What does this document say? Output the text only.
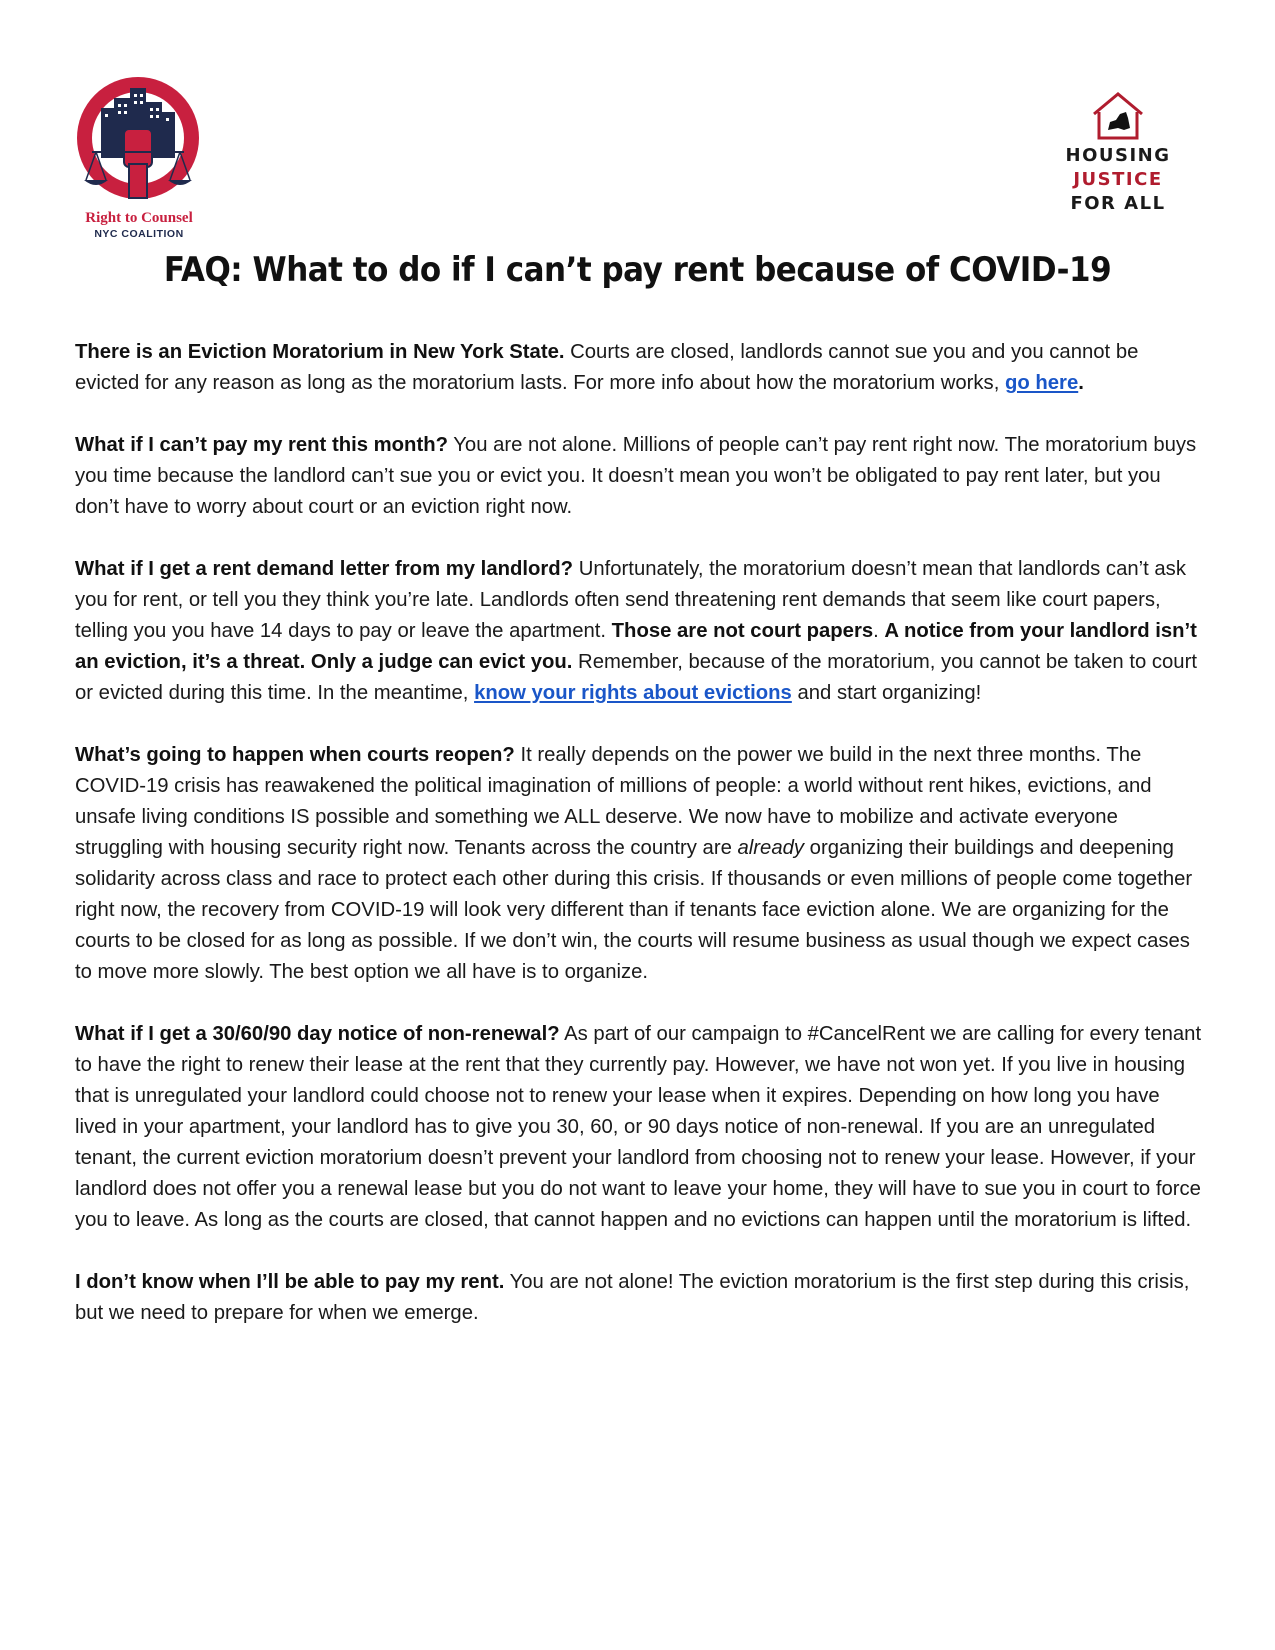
Right to Counsel
NYC COALITION
HOUSING
JUSTICE
FOR ALL
FAQ: What to do if I can’t pay rent because of COVID-19

There is an Eviction Moratorium in New York State. Courts are closed, landlords cannot sue you and you cannot be evicted for any reason as long as the moratorium lasts. For more info about how the moratorium works, go here.

What if I can’t pay my rent this month? You are not alone. Millions of people can’t pay rent right now. The moratorium buys you time because the landlord can’t sue you or evict you. It doesn’t mean you won’t be obligated to pay rent later, but you don’t have to worry about court or an eviction right now.

What if I get a rent demand letter from my landlord? Unfortunately, the moratorium doesn’t mean that landlords can’t ask you for rent, or tell you they think you’re late. Landlords often send threatening rent demands that seem like court papers, telling you you have 14 days to pay or leave the apartment. Those are not court papers. A notice from your landlord isn’t an eviction, it’s a threat. Only a judge can evict you. Remember, because of the moratorium, you cannot be taken to court or evicted during this time. In the meantime, know your rights about evictions and start organizing!

What’s going to happen when courts reopen? It really depends on the power we build in the next three months. The COVID-19 crisis has reawakened the political imagination of millions of people: a world without rent hikes, evictions, and unsafe living conditions IS possible and something we ALL deserve. We now have to mobilize and activate everyone struggling with housing security right now. Tenants across the country are already organizing their buildings and deepening solidarity across class and race to protect each other during this crisis. If thousands or even millions of people come together right now, the recovery from COVID-19 will look very different than if tenants face eviction alone. We are organizing for the courts to be closed for as long as possible. If we don’t win, the courts will resume business as usual though we expect cases to move more slowly. The best option we all have is to organize.

What if I get a 30/60/90 day notice of non-renewal? As part of our campaign to #CancelRent we are calling for every tenant to have the right to renew their lease at the rent that they currently pay. However, we have not won yet. If you live in housing that is unregulated your landlord could choose not to renew your lease when it expires. Depending on how long you have lived in your apartment, your landlord has to give you 30, 60, or 90 days notice of non-renewal. If you are an unregulated tenant, the current eviction moratorium doesn’t prevent your landlord from choosing not to renew your lease. However, if your landlord does not offer you a renewal lease but you do not want to leave your home, they will have to sue you in court to force you to leave. As long as the courts are closed, that cannot happen and no evictions can happen until the moratorium is lifted.

I don’t know when I’ll be able to pay my rent. You are not alone! The eviction moratorium is the first step during this crisis, but we need to prepare for when we emerge.
